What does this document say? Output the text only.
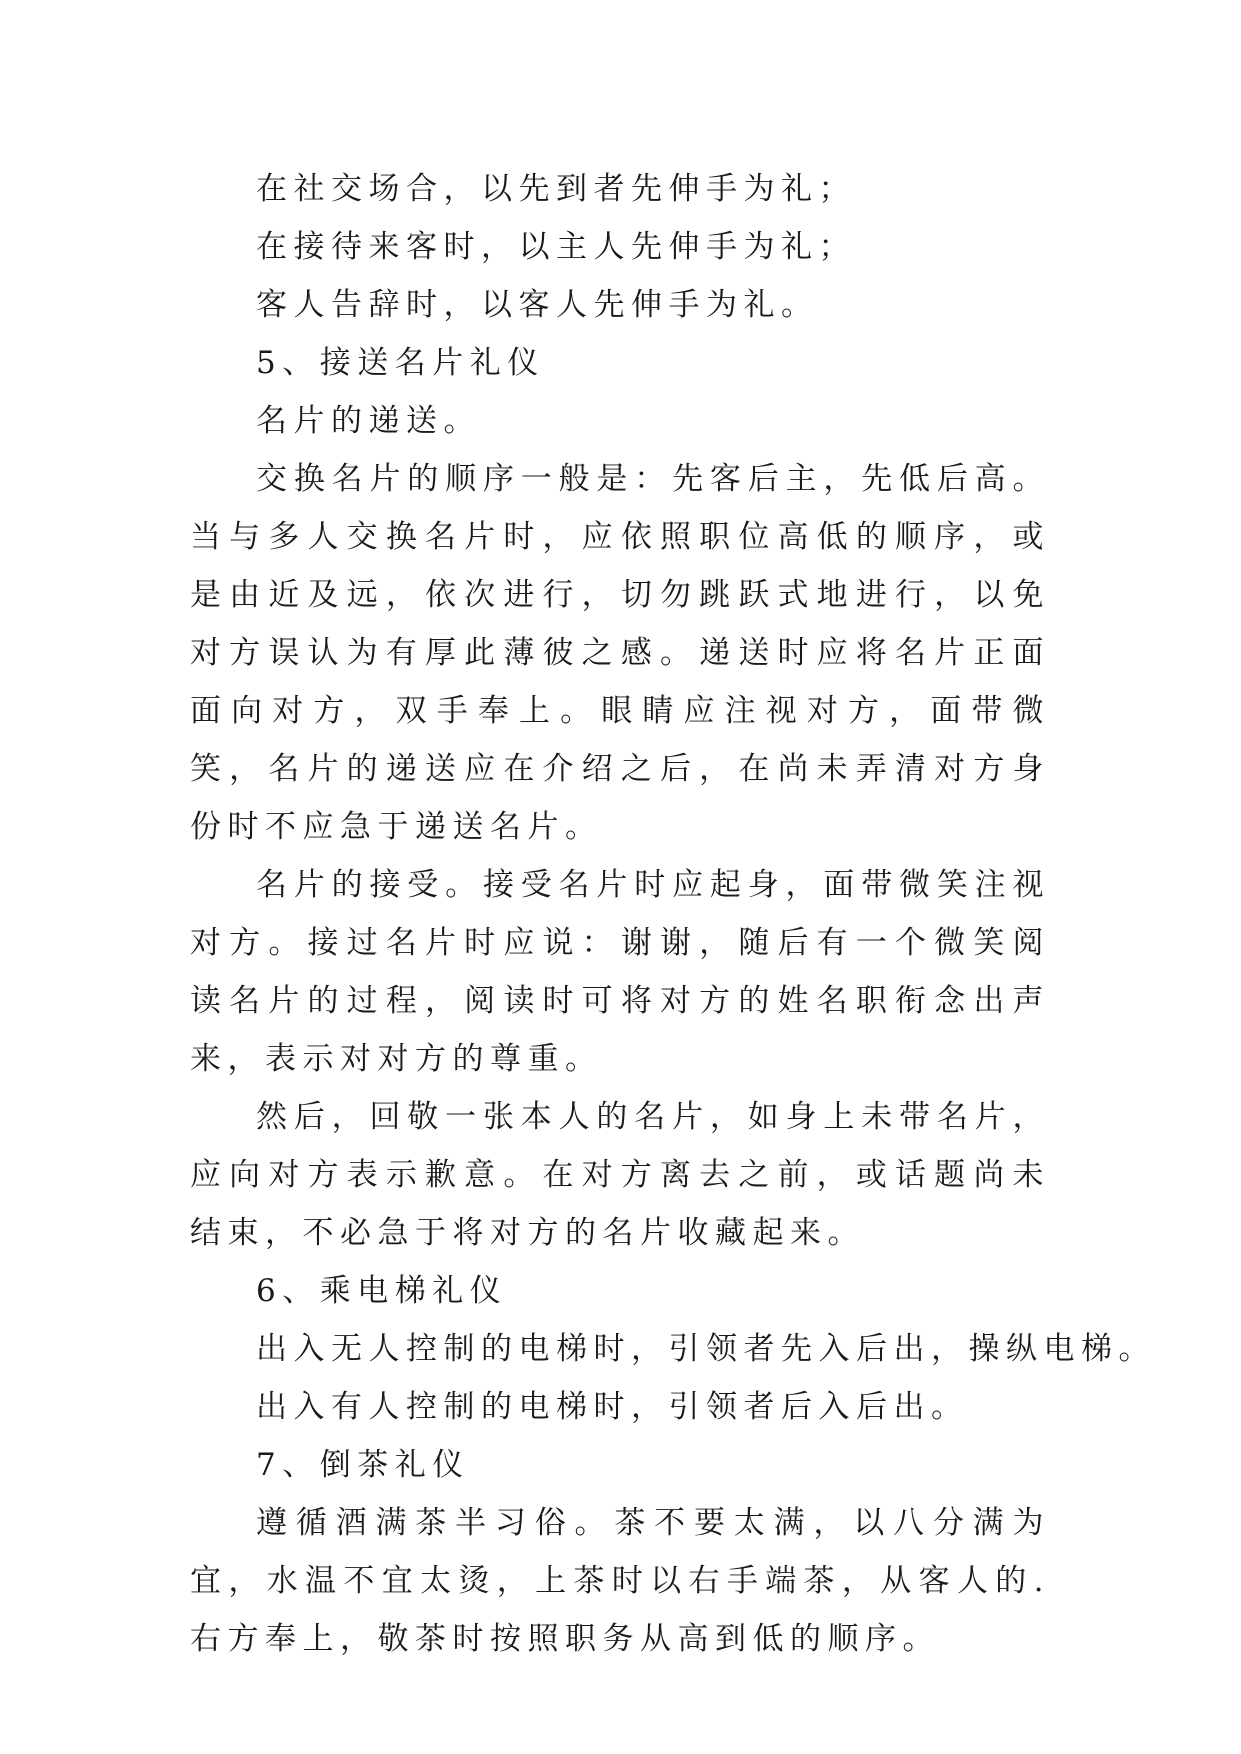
在社交场合，以先到者先伸手为礼；
在接待来客时，以主人先伸手为礼；
客人告辞时，以客人先伸手为礼。
5、接送名片礼仪
名片的递送。

交换名片的顺序一般是：先客后主，先低后高。当与多人交换名片时，应依照职位高低的顺序，或是由近及远，依次进行，切勿跳跃式地进行，以免对方误认为有厚此薄彼之感。递送时应将名片正面面向对方，双手奉上。眼睛应注视对方，面带微笑，名片的递送应在介绍之后，在尚未弄清对方身份时不应急于递送名片。

名片的接受。接受名片时应起身，面带微笑注视对方。接过名片时应说：谢谢，随后有一个微笑阅读名片的过程，阅读时可将对方的姓名职衔念出声来，表示对对方的尊重。

然后，回敬一张本人的名片，如身上未带名片，应向对方表示歉意。在对方离去之前，或话题尚未结束，不必急于将对方的名片收藏起来。

6、乘电梯礼仪
出入无人控制的电梯时，引领者先入后出，操纵电梯。
出入有人控制的电梯时，引领者后入后出。
7、倒茶礼仪

遵循酒满茶半习俗。茶不要太满，以八分满为宜，水温不宜太烫，上茶时以右手端茶，从客人的.右方奉上，敬茶时按照职务从高到低的顺序。
